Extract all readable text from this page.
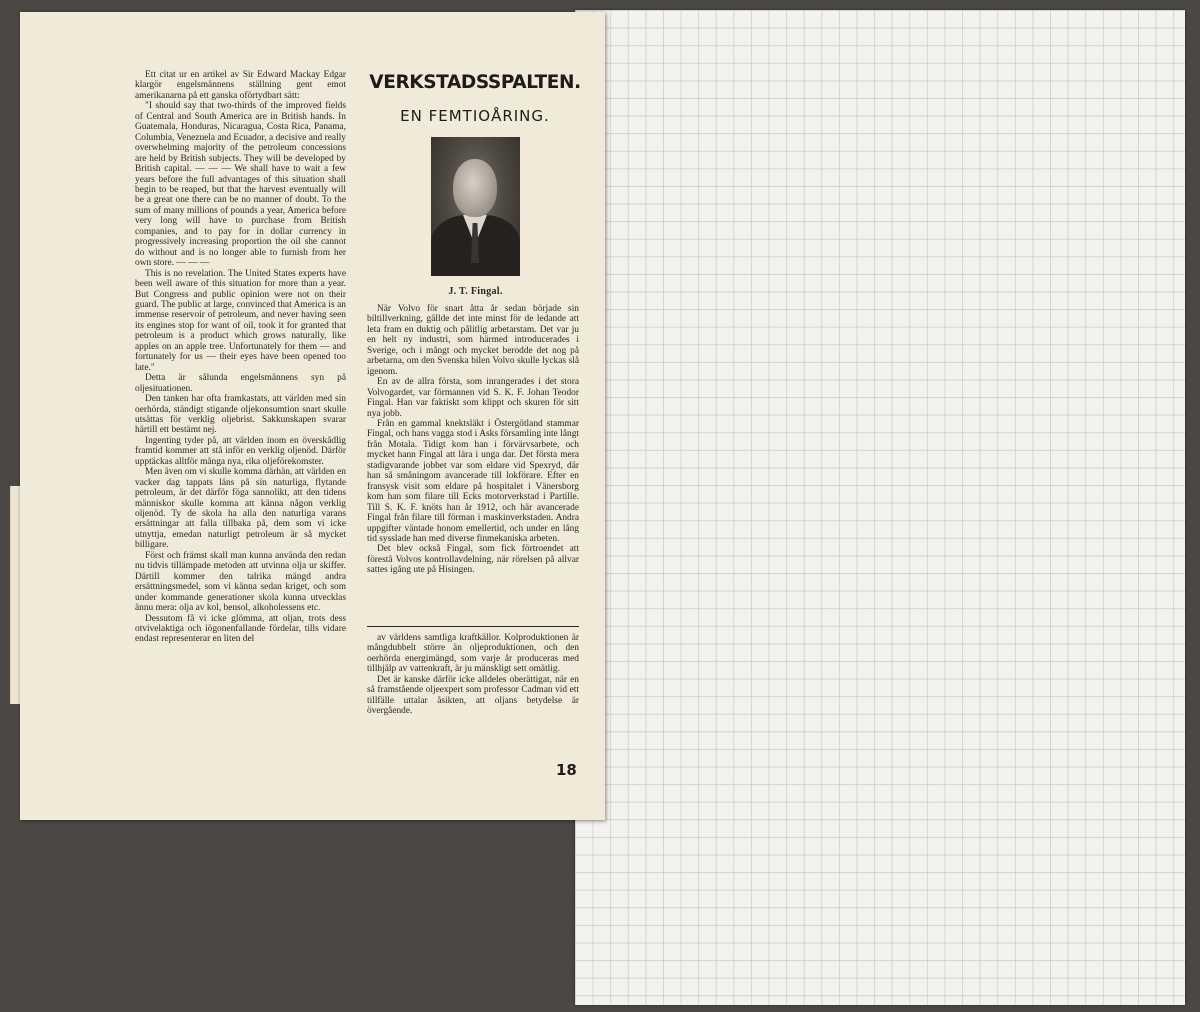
Ett citat ur en artikel av Sir Edward Mackay Edgar klargör engelsmännens ställning gent emot amerikanarna på ett ganska oförtydbart sätt:

"I should say that two-thirds of the improved fields of Central and South America are in British hands. In Guatemala, Honduras, Nicaragua, Costa Rica, Panama, Columbia, Venezuela and Ecuador, a decisive and really overwhelming majority of the petroleum concessions are held by British subjects. They will be developed by British capital. — — — We shall have to wait a few years before the full advantages of this situation shall begin to be reaped, but that the harvest eventually will be a great one there can be no manner of doubt. To the sum of many millions of pounds a year, America before very long will have to purchase from British companies, and to pay for in dollar currency in progressively increasing proportion the oil she cannot do without and is no longer able to furnish from her own store. — — —

This is no revelation. The United States experts have been well aware of this situation for more than a year. But Congress and public opinion were not on their guard. The public at large, convinced that America is an immense reservoir of petroleum, and never having seen its engines stop for want of oil, took it for granted that petroleum is a product which grows naturally, like apples on an apple tree. Unfortunately for them — and fortunately for us — their eyes have been opened too late."

Detta är sålunda engelsmännens syn på oljesituationen.

Den tanken har ofta framkastats, att världen med sin oerhörda, ständigt stigande oljekonsumtion snart skulle utsättas för verklig oljebrist. Sakkunskapen svarar härtill ett bestämt nej.

Ingenting tyder på, att världen inom en överskådlig framtid kommer att stå inför en verklig oljenöd. Därför upptäckas alltför många nya, rika oljeförekomster.

Men även om vi skulle komma därhän, att världen en vacker dag tappats läns på sin naturliga, flytande petroleum, är det därför föga sannolikt, att den tidens människor skulle komma att känna någon verklig oljenöd. Ty de skola ha alla den naturliga varans ersättningar att falla tillbaka på, dem som vi icke utnyttja, emedan naturligt petroleum är så mycket billigare.

Först och främst skall man kunna använda den redan nu tidvis tillämpade metoden att utvinna olja ur skiffer. Därtill kommer den talrika mängd andra ersättningsmedel, som vi känna sedan kriget, och som under kommande generationer skola kunna utvecklas ännu mera: olja av kol, bensol, alkoholessens etc.

Dessutom få vi icke glömma, att oljan, trots dess otvivelaktiga och iögonenfallande fördelar, tills vidare endast representerar en liten del

VERKSTADSSPALTEN.
EN FEMTIOÅRING.
J. T. Fingal.

När Volvo för snart åtta år sedan började sin biltillverkning, gällde det inte minst för de ledande att leta fram en duktig och pålitlig arbetarstam. Det var ju en helt ny industri, som härmed introducerades i Sverige, och i mångt och mycket berodde det nog på arbetarna, om den Svenska bilen Volvo skulle lyckas slå igenom.

En av de allra första, som inrangerades i det stora Volvogardet, var förmannen vid S. K. F. Johan Teodor Fingal. Han var faktiskt som klippt och skuren för sitt nya jobb.

Från en gammal knektsläkt i Östergötland stammar Fingal, och hans vagga stod i Asks församling inte långt från Motala. Tidigt kom han i förvärvsarbete, och mycket hann Fingal att lära i unga dar. Det första mera stadigvarande jobbet var som eldare vid Spexryd, där han så småningom avancerade till lokförare. Efter en fransysk visit som eldare på hospitalet i Vänersborg kom han som filare till Ecks motorverkstad i Partille. Till S. K. F. knöts han år 1912, och här avancerade Fingal från filare till förman i maskinverkstaden. Andra uppgifter väntade honom emellertid, och under en lång tid sysslade han med diverse finmekaniska arbeten.

Det blev också Fingal, som fick förtroendet att förestå Volvos kontrollavdelning, när rörelsen på allvar sattes igång ute på Hisingen.

av världens samtliga kraftkällor. Kolproduktionen är mångdubbelt större än oljeproduktionen, och den oerhörda energimängd, som varje år produceras med tillhjälp av vattenkraft, är ju mänskligt sett omätlig.

Det är kanske därför icke alldeles oberättigat, när en så framstående oljeexpert som professor Cadman vid ett tillfälle uttalar åsikten, att oljans betydelse är övergående.

18
